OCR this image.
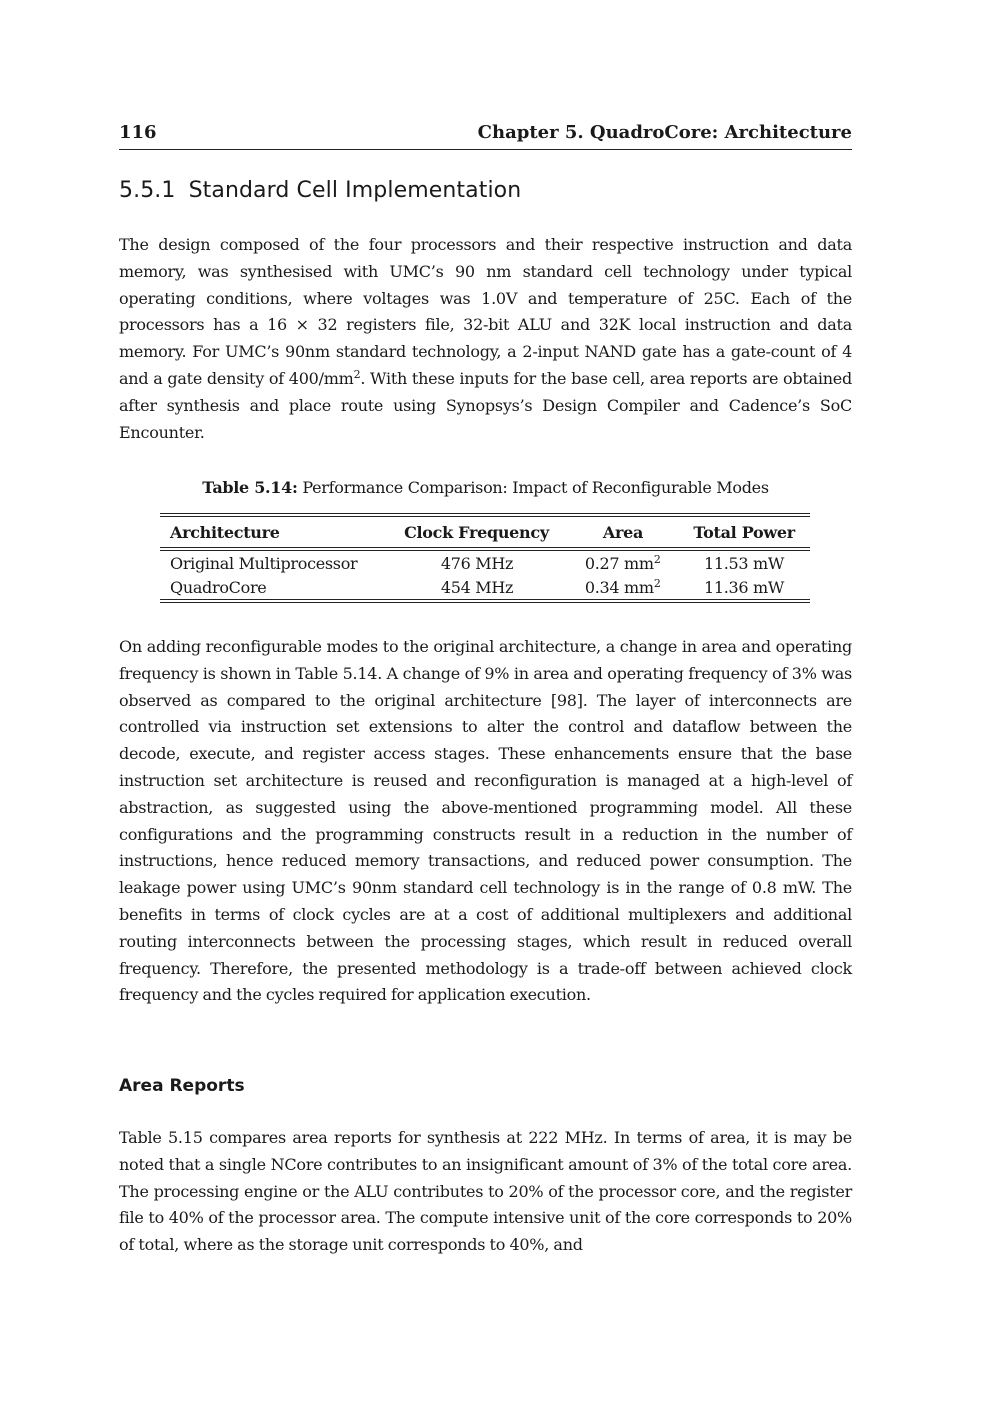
116	Chapter 5. QuadroCore: Architecture
5.5.1 Standard Cell Implementation

The design composed of the four processors and their respective instruction and data memory, was synthesised with UMC’s 90 nm standard cell technology under typical operating conditions, where voltages was 1.0V and temperature of 25C. Each of the processors has a 16 × 32 registers file, 32-bit ALU and 32K local instruction and data memory. For UMC’s 90nm standard technology, a 2-input NAND gate has a gate-count of 4 and a gate density of $400/mm^2$. With these inputs for the base cell, area reports are obtained after synthesis and place route using Synopsys’s Design Compiler and Cadence’s SoC Encounter.

Table 5.14: Performance Comparison: Impact of Reconfigurable Modes
Architecture	Clock Frequency	Area	Total Power
Original Multiprocessor	476 MHz	0.27 $mm^2$	11.53 mW
QuadroCore	454 MHz	0.34 $mm^2$	11.36 mW

On adding reconfigurable modes to the original architecture, a change in area and operating frequency is shown in Table 5.14. A change of 9% in area and operating frequency of 3% was observed as compared to the original architecture [98]. The layer of interconnects are controlled via instruction set extensions to alter the control and dataflow between the decode, execute, and register access stages. These enhancements ensure that the base instruction set architecture is reused and reconfiguration is managed at a high-level of abstraction, as suggested using the above-mentioned programming model. All these configurations and the programming constructs result in a reduction in the number of instructions, hence reduced memory transactions, and reduced power consumption. The leakage power using UMC’s 90nm standard cell technology is in the range of 0.8 mW. The benefits in terms of clock cycles are at a cost of additional multiplexers and additional routing interconnects between the processing stages, which result in reduced overall frequency. Therefore, the presented methodology is a trade-off between achieved clock frequency and the cycles required for application execution.

Area Reports

Table 5.15 compares area reports for synthesis at 222 MHz. In terms of area, it is may be noted that a single NCore contributes to an insignificant amount of 3% of the total core area. The processing engine or the ALU contributes to 20% of the processor core, and the register file to 40% of the processor area. The compute intensive unit of the core corresponds to 20% of total, where as the storage unit corresponds to 40%, and
